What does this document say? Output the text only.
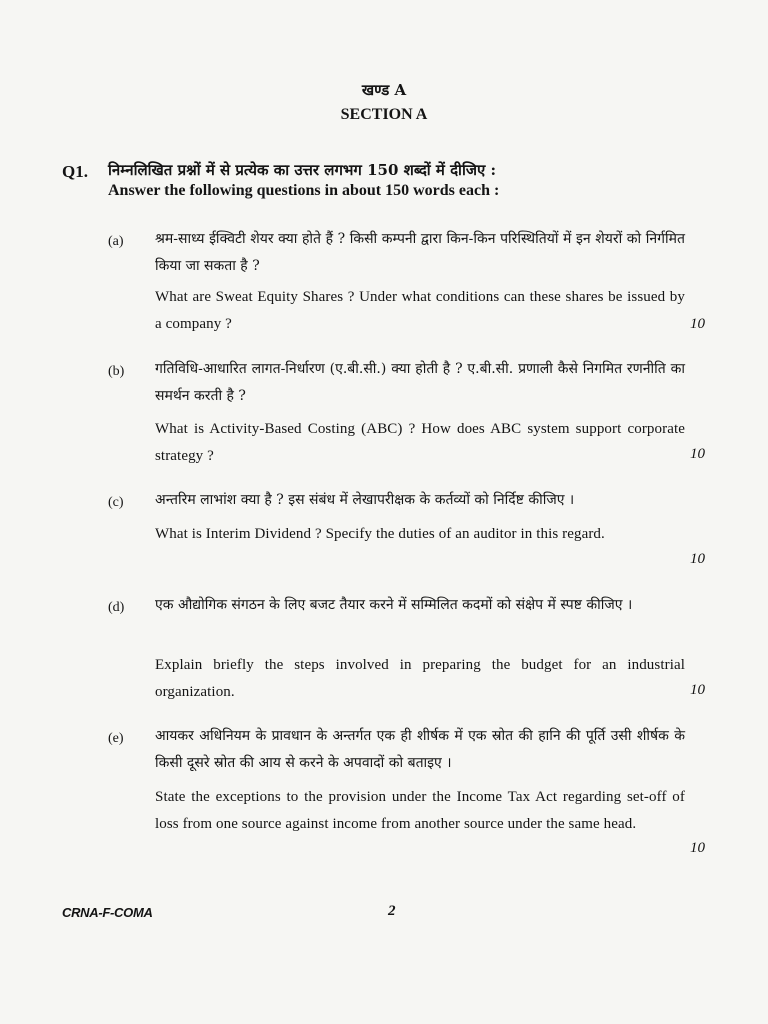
खण्ड A
SECTION A
Q1. निम्नलिखित प्रश्नों में से प्रत्येक का उत्तर लगभग 150 शब्दों में दीजिए :
Answer the following questions in about 150 words each :
(a) श्रम-साध्य ईक्विटी शेयर क्या होते हैं ? किसी कम्पनी द्वारा किन-किन परिस्थितियों में इन शेयरों को निर्गमित किया जा सकता है ?
What are Sweat Equity Shares ? Under what conditions can these shares be issued by a company ?	10
(b) गतिविधि-आधारित लागत-निर्धारण (ए.बी.सी.) क्या होती है ? ए.बी.सी. प्रणाली कैसे निगमित रणनीति का समर्थन करती है ?
What is Activity-Based Costing (ABC) ? How does ABC system support corporate strategy ?	10
(c) अन्तरिम लाभांश क्या है ? इस संबंध में लेखापरीक्षक के कर्तव्यों को निर्दिष्ट कीजिए ।
What is Interim Dividend ? Specify the duties of an auditor in this regard.
10
(d) एक औद्योगिक संगठन के लिए बजट तैयार करने में सम्मिलित कदमों को संक्षेप में स्पष्ट कीजिए ।
Explain briefly the steps involved in preparing the budget for an industrial organization.	10
(e) आयकर अधिनियम के प्रावधान के अन्तर्गत एक ही शीर्षक में एक स्रोत की हानि की पूर्ति उसी शीर्षक के किसी दूसरे स्रोत की आय से करने के अपवादों को बताइए ।
State the exceptions to the provision under the Income Tax Act regarding set-off of loss from one source against income from another source under the same head.
10
CRNA-F-COMA	2
